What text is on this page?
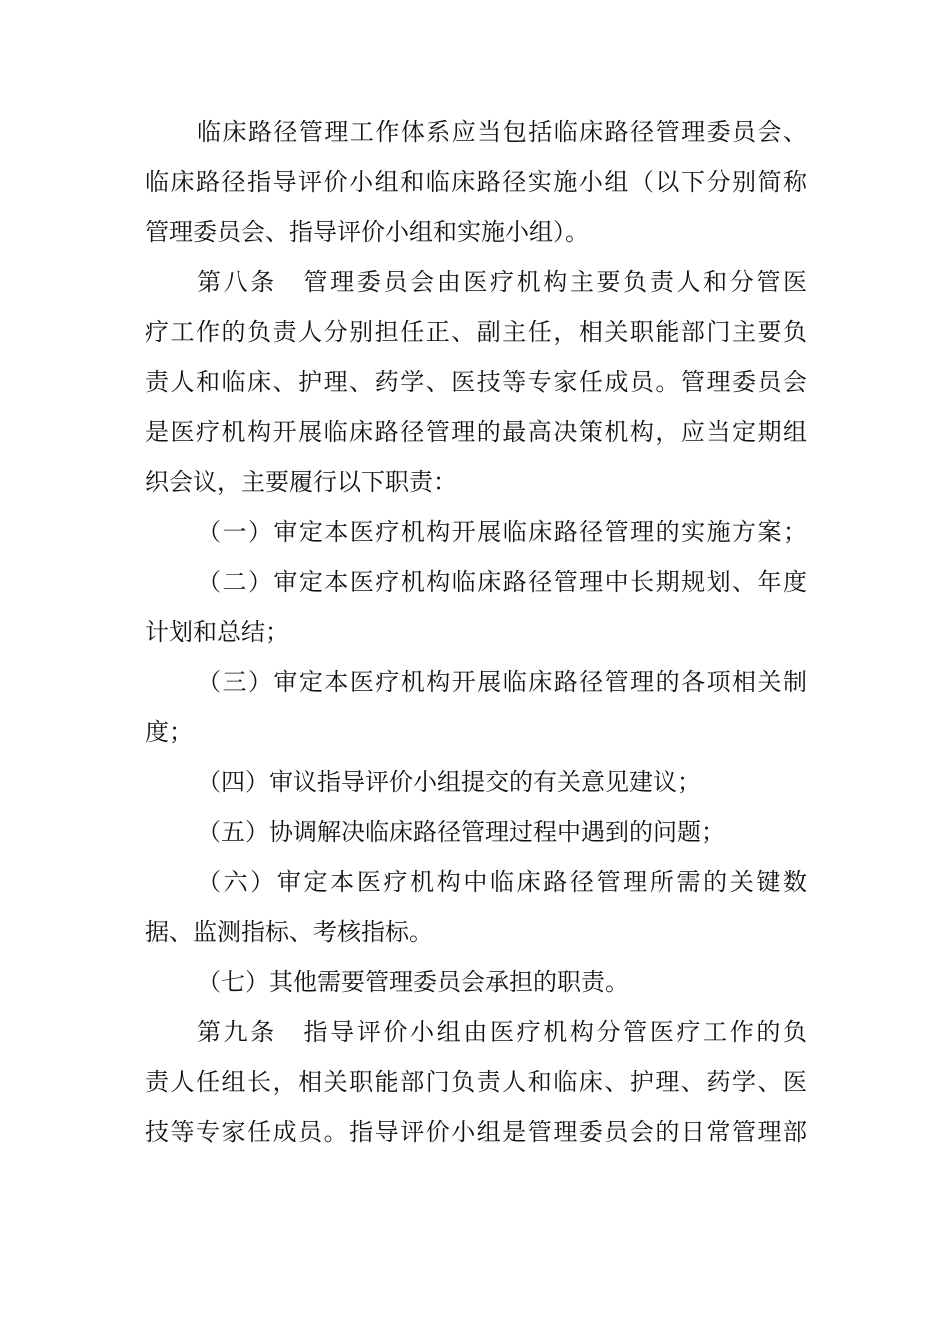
临床路径管理工作体系应当包括临床路径管理委员会、
临床路径指导评价小组和临床路径实施小组（以下分别简称
管理委员会、指导评价小组和实施小组）。
第八条　管理委员会由医疗机构主要负责人和分管医
疗工作的负责人分别担任正、副主任，相关职能部门主要负
责人和临床、护理、药学、医技等专家任成员。管理委员会
是医疗机构开展临床路径管理的最高决策机构，应当定期组
织会议，主要履行以下职责：
（一）审定本医疗机构开展临床路径管理的实施方案；
（二）审定本医疗机构临床路径管理中长期规划、年度
计划和总结；
（三）审定本医疗机构开展临床路径管理的各项相关制
度；
（四）审议指导评价小组提交的有关意见建议；
（五）协调解决临床路径管理过程中遇到的问题；
（六）审定本医疗机构中临床路径管理所需的关键数
据、监测指标、考核指标。
（七）其他需要管理委员会承担的职责。
第九条　指导评价小组由医疗机构分管医疗工作的负
责人任组长，相关职能部门负责人和临床、护理、药学、医
技等专家任成员。指导评价小组是管理委员会的日常管理部
